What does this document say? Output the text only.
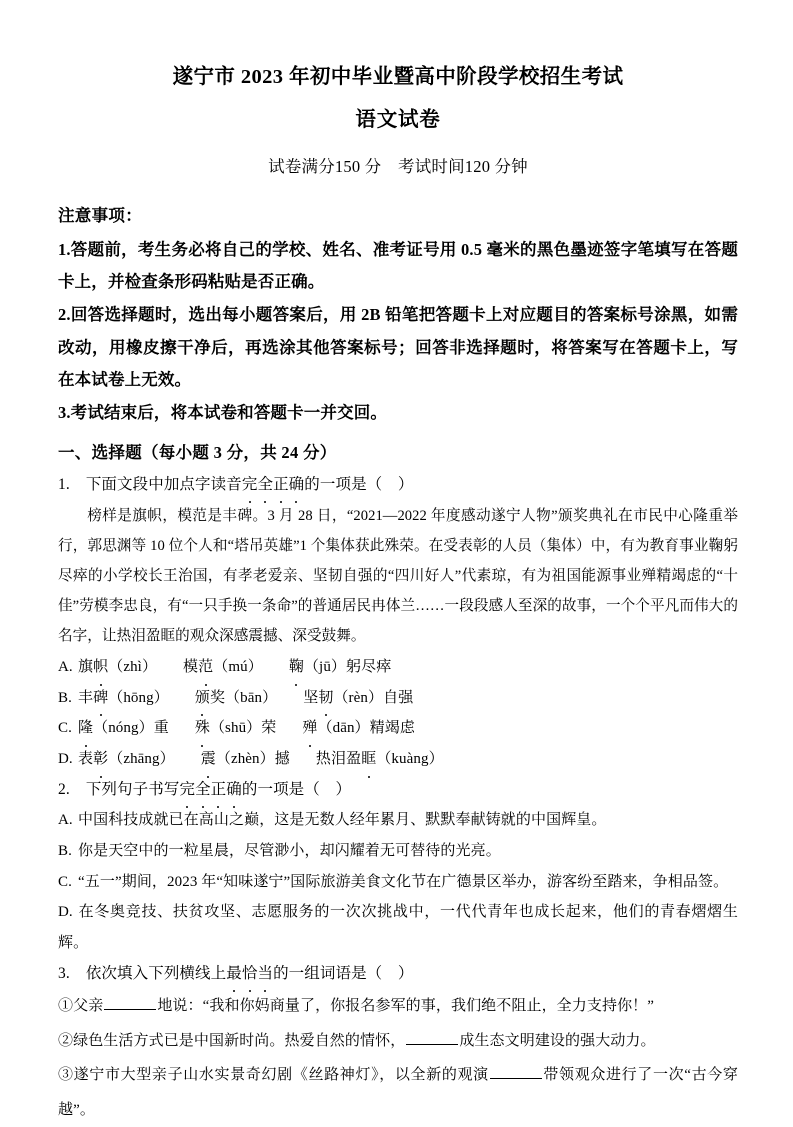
遂宁市 2023 年初中毕业暨高中阶段学校招生考试
语文试卷

试卷满分150 分　考试时间120 分钟

注意事项：

1.答题前，考生务必将自己的学校、姓名、准考证号用 0.5 毫米的黑色墨迹签字笔填写在答题卡上，并检查条形码粘贴是否正确。

2.回答选择题时，选出每小题答案后，用 2B 铅笔把答题卡上对应题目的答案标号涂黑，如需改动，用橡皮擦干净后，再选涂其他答案标号；回答非选择题时，将答案写在答题卡上，写在本试卷上无效。

3.考试结束后，将本试卷和答题卡一并交回。

一、选择题（每小题 3 分，共 24 分）

1. 下面文段中加点字读音完全正确的一项是（　）

榜样是旗帜，模范是丰碑。3 月 28 日，“2021—2022 年度感动遂宁人物”颁奖典礼在市民中心隆重举行，郭思渊等 10 位个人和“塔吊英雄”1 个集体获此殊荣。在受表彰的人员（集体）中，有为教育事业鞠躬尽瘁的小学校长王治国，有孝老爱亲、坚韧自强的“四川好人”代素琼，有为祖国能源事业殚精竭虑的“十佳”劳模李忠良，有“一只手换一条命”的普通居民冉体兰……一段段感人至深的故事，一个个平凡而伟大的名字，让热泪盈眶的观众深感震撼、深受鼓舞。

A. 旗帜（zhì） 模范（mú） 鞠（jū）躬尽瘁

B. 丰碑（hōng） 颁奖（bān） 坚韧（rèn）自强

C. 隆（nóng）重 殊（shū）荣 殚（dān）精竭虑

D. 表彰（zhāng） 震（zhèn）撼 热泪盈眶（kuàng）

2. 下列句子书写完全正确的一项是（　）

A. 中国科技成就已在高山之巅，这是无数人经年累月、默默奉献铸就的中国辉皇。

B. 你是天空中的一粒星晨，尽管渺小，却闪耀着无可替待的光亮。

C. “五一”期间，2023 年“知味遂宁”国际旅游美食文化节在广德景区举办，游客纷至踏来，争相品签。

D. 在冬奥竞技、扶贫攻坚、志愿服务的一次次挑战中，一代代青年也成长起来，他们的青春熠熠生辉。

3. 依次填入下列横线上最恰当的一组词语是（　）

①父亲	地说：“我和你妈商量了，你报名参军的事，我们绝不阻止，全力支持你！”

②绿色生活方式已是中国新时尚。热爱自然的情怀，	成生态文明建设的强大动力。

③遂宁市大型亲子山水实景奇幻剧《丝路神灯》，以全新的观演	带领观众进行了一次“古今穿越”。
